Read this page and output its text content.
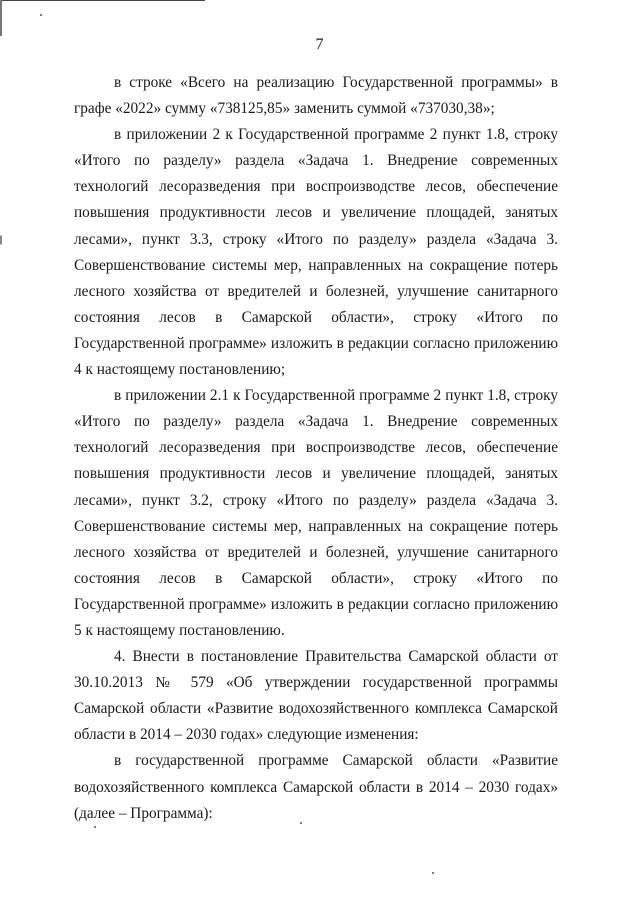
7

в строке «Всего на реализацию Государственной программы» в графе «2022» сумму «738125,85» заменить суммой «737030,38»;

в приложении 2 к Государственной программе 2 пункт 1.8, строку «Итого по разделу» раздела «Задача 1. Внедрение современных технологий лесоразведения при воспроизводстве лесов, обеспечение повышения продуктивности лесов и увеличение площадей, занятых лесами», пункт 3.3, строку «Итого по разделу» раздела «Задача 3. Совершенствование системы мер, направленных на сокращение потерь лесного хозяйства от вредителей и болезней, улучшение санитарного состояния лесов в Самарской области», строку «Итого по Государственной программе» изложить в редакции согласно приложению 4 к настоящему постановлению;

в приложении 2.1 к Государственной программе 2 пункт 1.8, строку «Итого по разделу» раздела «Задача 1. Внедрение современных технологий лесоразведения при воспроизводстве лесов, обеспечение повышения продуктивности лесов и увеличение площадей, занятых лесами», пункт 3.2, строку «Итого по разделу» раздела «Задача 3. Совершенствование системы мер, направленных на сокращение потерь лесного хозяйства от вредителей и болезней, улучшение санитарного состояния лесов в Самарской области», строку «Итого по Государственной программе» изложить в редакции согласно приложению 5 к настоящему постановлению.

4. Внести в постановление Правительства Самарской области от 30.10.2013 № 579 «Об утверждении государственной программы Самарской области «Развитие водохозяйственного комплекса Самарской области в 2014 – 2030 годах» следующие изменения:

в государственной программе Самарской области «Развитие водохозяйственного комплекса Самарской области в 2014 – 2030 годах» (далее – Программа):
